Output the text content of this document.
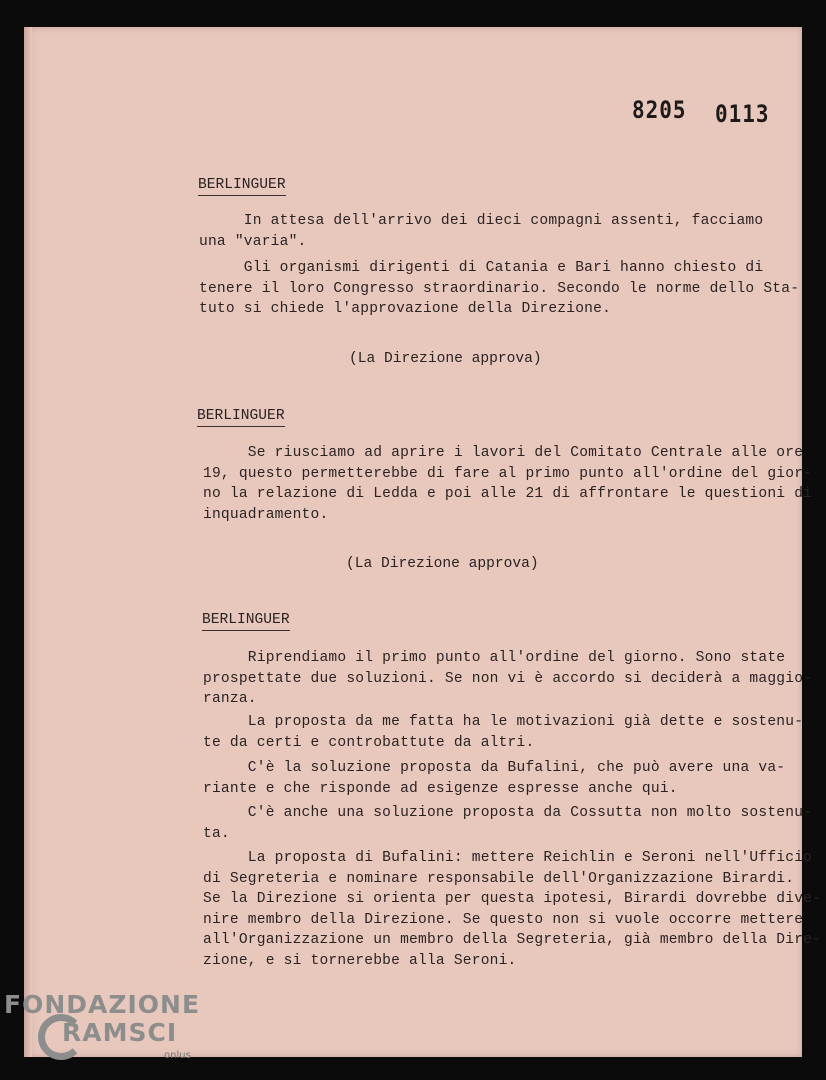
8205 0113
BERLINGUER
In attesa dell'arrivo dei dieci compagni assenti, facciamo
una "varia".
Gli organismi dirigenti di Catania e Bari hanno chiesto di
tenere il loro Congresso straordinario. Secondo le norme dello Sta-
tuto si chiede l'approvazione della Direzione.
(La Direzione approva)
BERLINGUER
Se riusciamo ad aprire i lavori del Comitato Centrale alle ore
19, questo permetterebbe di fare al primo punto all'ordine del gior-
no la relazione di Ledda e poi alle 21 di affrontare le questioni di
inquadramento.
(La Direzione approva)
BERLINGUER
Riprendiamo il primo punto all'ordine del giorno. Sono state
prospettate due soluzioni. Se non vi è accordo si deciderà a maggio-
ranza.
La proposta da me fatta ha le motivazioni già dette e sostenu-
te da certi e controbattute da altri.
C'è la soluzione proposta da Bufalini, che può avere una va-
riante e che risponde ad esigenze espresse anche qui.
C'è anche una soluzione proposta da Cossutta non molto sostenu-
ta.
La proposta di Bufalini: mettere Reichlin e Seroni nell'Ufficio
di Segreteria e nominare responsabile dell'Organizzazione Birardi.
Se la Direzione si orienta per questa ipotesi, Birardi dovrebbe dive-
nire membro della Direzione. Se questo non si vuole occorre mettere
all'Organizzazione un membro della Segreteria, già membro della Dire-
zione, e si tornerebbe alla Seroni.
FONDAZIONE
RAMSCI
onlus
